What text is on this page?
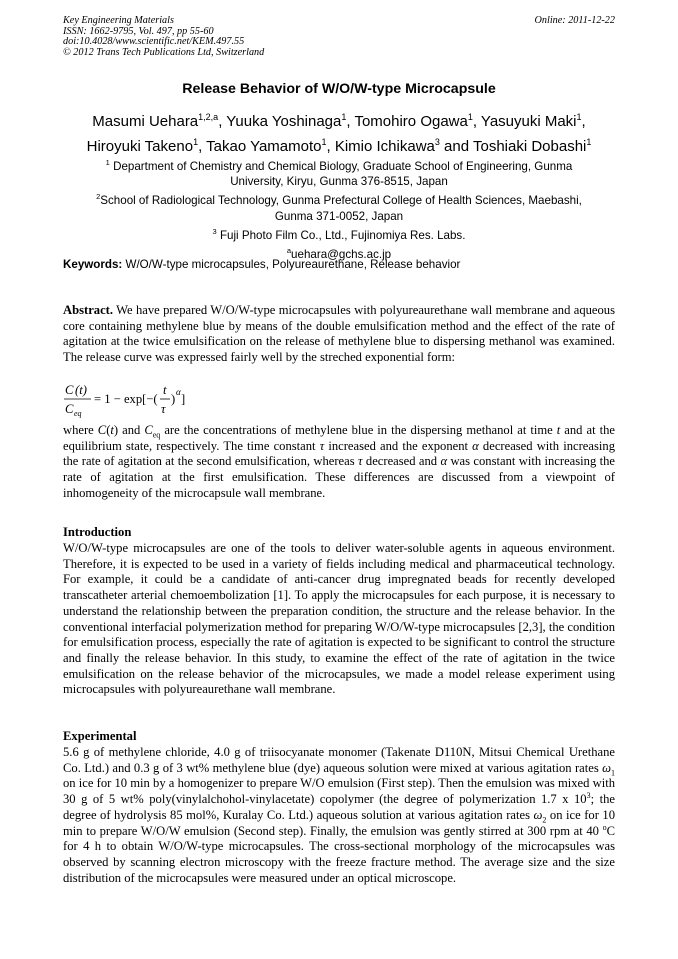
Key Engineering Materials
ISSN: 1662-9795, Vol. 497, pp 55-60
doi:10.4028/www.scientific.net/KEM.497.55
© 2012 Trans Tech Publications Ltd, Switzerland
Online: 2011-12-22
Release Behavior of W/O/W-type Microcapsule
Masumi Uehara$^{1,2,a}$, Yuuka Yoshinaga$^1$, Tomohiro Ogawa$^1$, Yasuyuki Maki$^1$,
Hiroyuki Takeno$^1$, Takao Yamamoto$^1$, Kimio Ichikawa$^3$ and Toshiaki Dobashi$^1$
$^1$ Department of Chemistry and Chemical Biology, Graduate School of Engineering, Gunma
University, Kiryu, Gunma 376-8515, Japan
$^2$School of Radiological Technology, Gunma Prefectural College of Health Sciences, Maebashi,
Gunma 371-0052, Japan
$^3$ Fuji Photo Film Co., Ltd., Fujinomiya Res. Labs.
$^a$uehara@gchs.ac.jp
Keywords: W/O/W-type microcapsules, Polyureaurethane, Release behavior
Abstract. We have prepared W/O/W-type microcapsules with polyureaurethane wall membrane and aqueous core containing methylene blue by means of the double emulsification method and the effect of the rate of agitation at the twice emulsification on the release of methylene blue to dispersing methanol was examined. The release curve was expressed fairly well by the streched exponential form:
C (t)
C eq
= 1 − exp[−(
t
τ
) α ]
where C(t) and $C_{eq}$ are the concentrations of methylene blue in the dispersing methanol at time t and at the equilibrium state, respectively. The time constant τ increased and the exponent α decreased with increasing the rate of agitation at the second emulsification, whereas τ decreased and α was constant with increasing the rate of agitation at the first emulsification. These differences are discussed from a viewpoint of inhomogeneity of the microcapsule wall membrane.
Introduction
W/O/W-type microcapsules are one of the tools to deliver water-soluble agents in aqueous environment. Therefore, it is expected to be used in a variety of fields including medical and pharmaceutical technology. For example, it could be a candidate of anti-cancer drug impregnated beads for recently developed transcatheter arterial chemoembolization [1]. To apply the microcapsules for each purpose, it is necessary to understand the relationship between the preparation condition, the structure and the release behavior. In the conventional interfacial polymerization method for preparing W/O/W-type microcapsules [2,3], the condition for emulsification process, especially the rate of agitation is expected to be significant to control the structure and finally the release behavior. In this study, to examine the effect of the rate of agitation in the twice emulsification on the release behavior of the microcapsules, we made a model release experiment using microcapsules with polyureaurethane wall membrane.
Experimental
5.6 g of methylene chloride, 4.0 g of triisocyanate monomer (Takenate D110N, Mitsui Chemical Urethane Co. Ltd.) and 0.3 g of 3 wt% methylene blue (dye) aqueous solution were mixed at various agitation rates $\omega_1$ on ice for 10 min by a homogenizer to prepare W/O emulsion (First step). Then the emulsion was mixed with 30 g of 5 wt% poly(vinylalchohol-vinylacetate) copolymer (the degree of polymerization 1.7 x $10^3$; the degree of hydrolysis 85 mol%, Kuralay Co. Ltd.) aqueous solution at various agitation rates $\omega_2$ on ice for 10 min to prepare W/O/W emulsion (Second step). Finally, the emulsion was gently stirred at 300 rpm at 40 $^o$C for 4 h to obtain W/O/W-type microcapsules. The cross-sectional morphology of the microcapsules was observed by scanning electron microscopy with the freeze fracture method. The average size and the size distribution of the microcapsules were measured under an optical microscope.
